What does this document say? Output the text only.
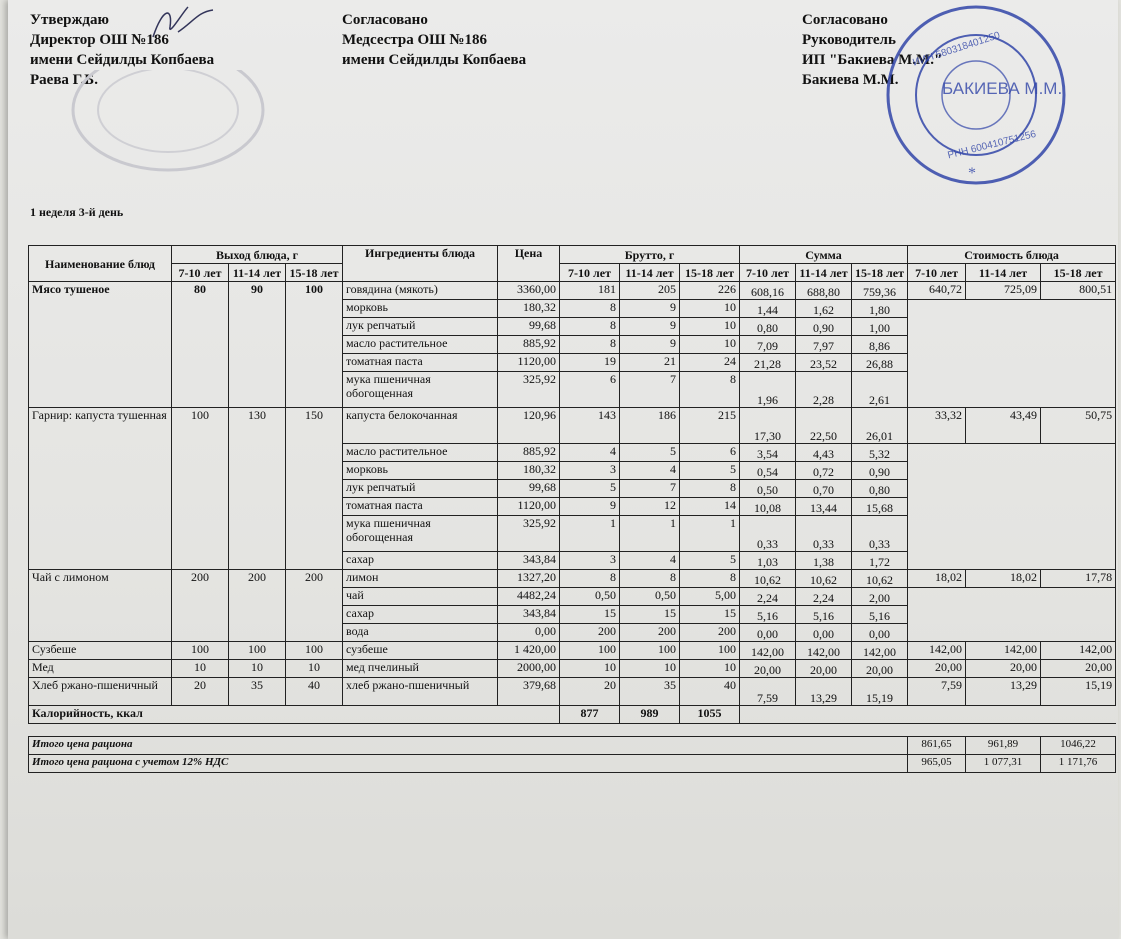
Утверждаю
Директор ОШ №186
имени Сейдилды Копбаева
Раева Г.Б.
Согласовано
Медсестра ОШ №186
имени Сейдилды Копбаева
Согласовано
Руководитель
ИП "Бакиева М.М."
Бакиева М.М.	БАКИЕВА М.М.
ИИН 580318401250
РНН 600410751256
*
1 неделя 3-й день
Наименование блюд	Выход блюда, г			Ингредиенты блюда	Цена	Брутто, г			Сумма			Стоимость блюда		
	7-10 лет	11-14 лет	15-18 лет			7-10 лет	11-14 лет	15-18 лет	7-10 лет	11-14 лет	15-18 лет	7-10 лет	11-14 лет	15-18 лет
Мясо тушеное	80	90	100	говядина (мякоть)	3360,00	181	205	226	608,16	688,80	759,36	640,72	725,09	800,51
				морковь	180,32	8	9	10	1,44	1,62	1,80			
				лук репчатый	99,68	8	9	10	0,80	0,90	1,00			
				масло растительное	885,92	8	9	10	7,09	7,97	8,86			
				томатная паста	1120,00	19	21	24	21,28	23,52	26,88			
				мука пшеничная обогощенная	325,92	6	7	8	1,96	2,28	2,61			
Гарнир: капуста тушенная	100	130	150	капуста белокочанная	120,96	143	186	215	17,30	22,50	26,01	33,32	43,49	50,75
				масло растительное	885,92	4	5	6	3,54	4,43	5,32			
				морковь	180,32	3	4	5	0,54	0,72	0,90			
				лук репчатый	99,68	5	7	8	0,50	0,70	0,80			
				томатная паста	1120,00	9	12	14	10,08	13,44	15,68			
				мука пшеничная обогощенная	325,92	1	1	1	0,33	0,33	0,33			
				сахар	343,84	3	4	5	1,03	1,38	1,72			
Чай с лимоном	200	200	200	лимон	1327,20	8	8	8	10,62	10,62	10,62	18,02	18,02	17,78
				чай	4482,24	0,50	0,50	5,00	2,24	2,24	2,00			
				сахар	343,84	15	15	15	5,16	5,16	5,16			
				вода	0,00	200	200	200	0,00	0,00	0,00			
Сузбеше	100	100	100	сузбеше	1 420,00	100	100	100	142,00	142,00	142,00	142,00	142,00	142,00
Мед	10	10	10	мед пчелиный	2000,00	10	10	10	20,00	20,00	20,00	20,00	20,00	20,00
Хлеб ржано-пшеничный	20	35	40	хлеб ржано-пшеничный	379,68	20	35	40	7,59	13,29	15,19	7,59	13,29	15,19
Калорийность, ккал						877	989	1055						

Итого цена рациона												861,65	961,89	1046,22
Итого цена рациона с учетом 12% НДС												965,05	1 077,31	1 171,76
